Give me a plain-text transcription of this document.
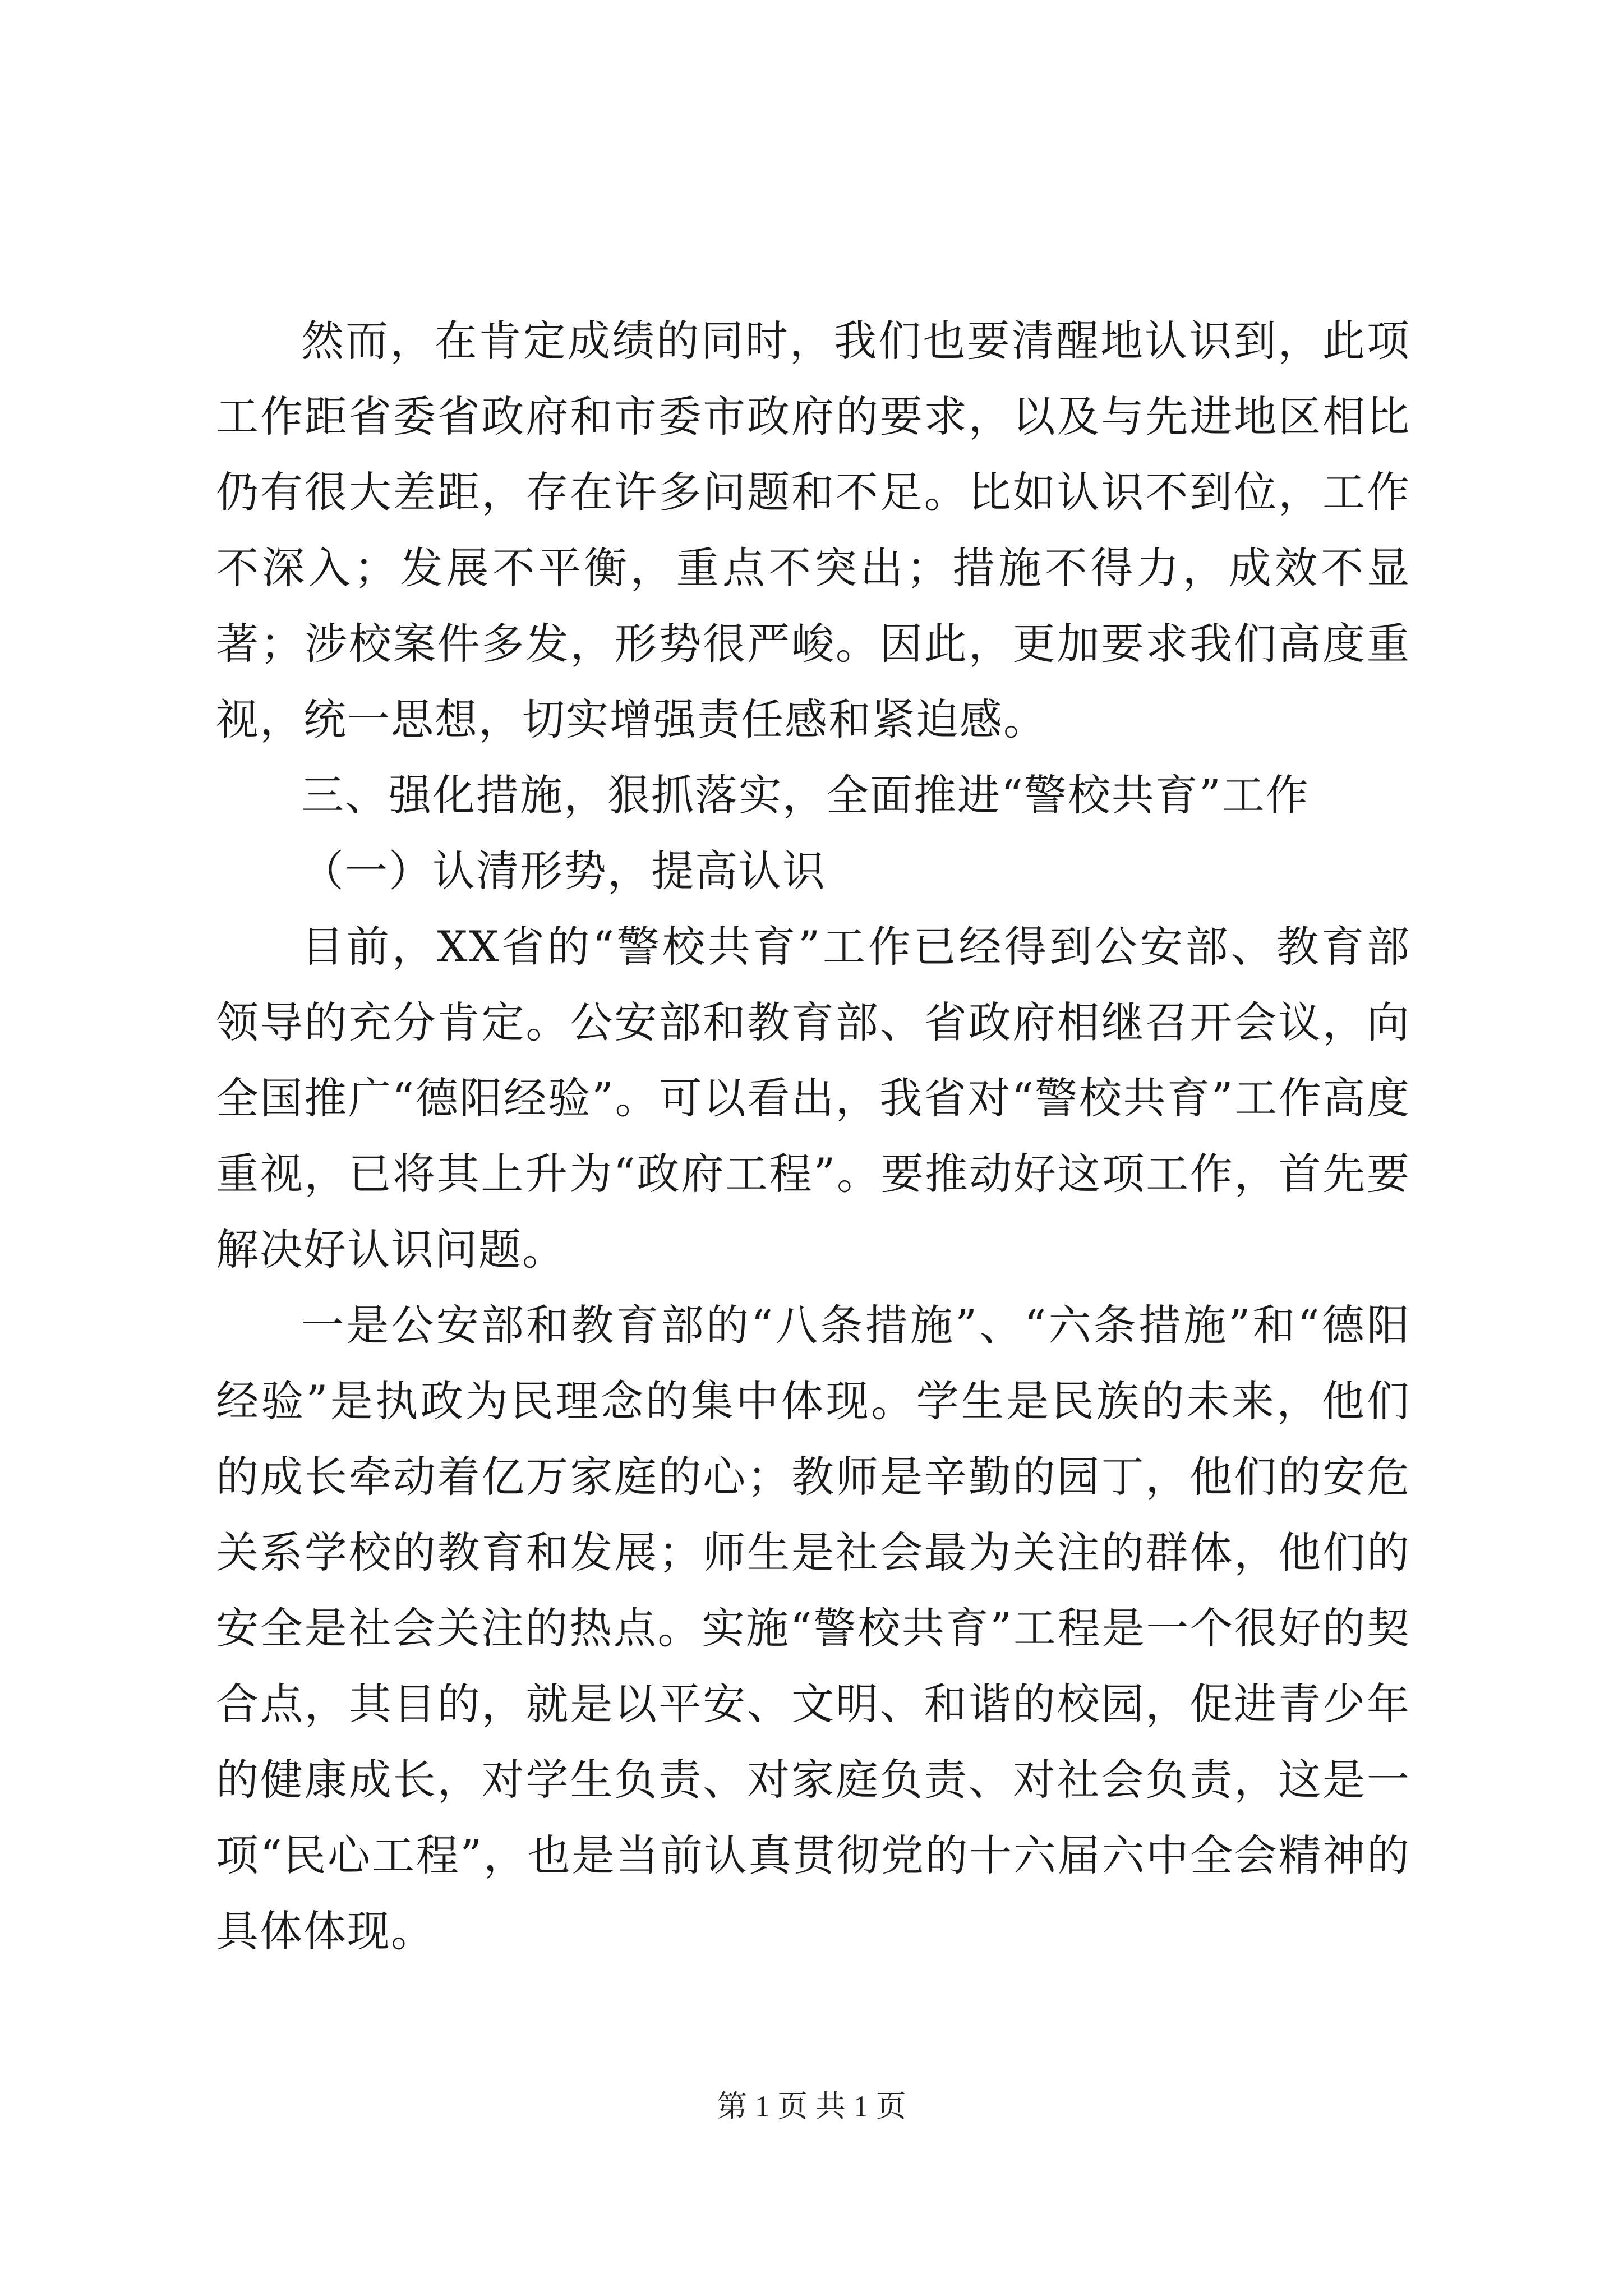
然而，在肯定成绩的同时，我们也要清醒地认识到，此项工作距省委省政府和市委市政府的要求，以及与先进地区相比仍有很大差距，存在许多问题和不足。比如认识不到位，工作不深入；发展不平衡，重点不突出；措施不得力，成效不显著；涉校案件多发，形势很严峻。因此，更加要求我们高度重视，统一思想，切实增强责任感和紧迫感。

三、强化措施，狠抓落实，全面推进“警校共育”工作

（一）认清形势，提高认识

目前，XX省的“警校共育”工作已经得到公安部、教育部领导的充分肯定。公安部和教育部、省政府相继召开会议，向全国推广“德阳经验”。可以看出，我省对“警校共育”工作高度重视，已将其上升为“政府工程”。要推动好这项工作，首先要解决好认识问题。

一是公安部和教育部的“八条措施”、“六条措施”和“德阳经验”是执政为民理念的集中体现。学生是民族的未来，他们的成长牵动着亿万家庭的心；教师是辛勤的园丁，他们的安危关系学校的教育和发展；师生是社会最为关注的群体，他们的安全是社会关注的热点。实施“警校共育”工程是一个很好的契合点，其目的，就是以平安、文明、和谐的校园，促进青少年的健康成长，对学生负责、对家庭负责、对社会负责，这是一项“民心工程”，也是当前认真贯彻党的十六届六中全会精神的具体体现。

第 1 页 共 1 页
